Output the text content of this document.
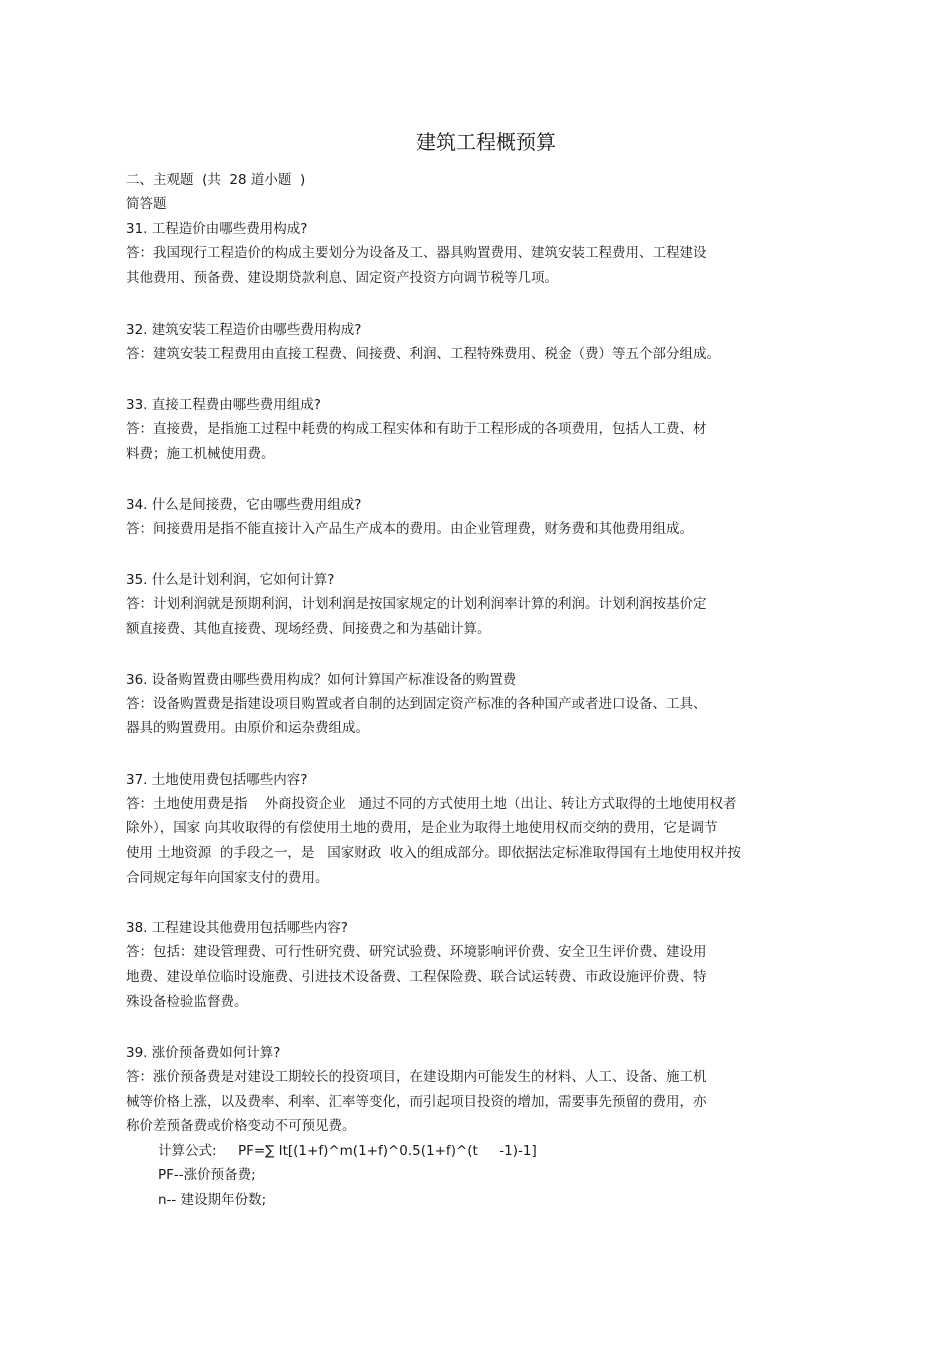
建筑工程概预算
二、主观题  (共  28 道小题  )
简答题
31. 工程造价由哪些费用构成?
答：我国现行工程造价的构成主要划分为设备及工、器具购置费用、建筑安装工程费用、工程建设
其他费用、预备费、建设期贷款利息、固定资产投资方向调节税等几项。
32. 建筑安装工程造价由哪些费用构成?
答：建筑安装工程费用由直接工程费、间接费、利润、工程特殊费用、税金（费）等五个部分组成。
33. 直接工程费由哪些费用组成?
答：直接费，是指施工过程中耗费的构成工程实体和有助于工程形成的各项费用，包括人工费、材
料费；施工机械使用费。
34. 什么是间接费，它由哪些费用组成?
答：间接费用是指不能直接计入产品生产成本的费用。由企业管理费，财务费和其他费用组成。
35. 什么是计划利润，它如何计算?
答：计划利润就是预期利润，计划利润是按国家规定的计划利润率计算的利润。计划利润按基价定
额直接费、其他直接费、现场经费、间接费之和为基础计算。
36. 设备购置费由哪些费用构成？如何计算国产标准设备的购置费
答：设备购置费是指建设项目购置或者自制的达到固定资产标准的各种国产或者进口设备、工具、
器具的购置费用。由原价和运杂费组成。
37. 土地使用费包括哪些内容?
答：土地使用费是指    外商投资企业   通过不同的方式使用土地（出让、转让方式取得的土地使用权者
除外），国家 向其收取得的有偿使用土地的费用，是企业为取得土地使用权而交纳的费用，它是调节
使用 土地资源  的手段之一，是   国家财政  收入的组成部分。即依据法定标准取得国有土地使用权并按
合同规定每年向国家支付的费用。
38. 工程建设其他费用包括哪些内容?
答：包括：建设管理费、可行性研究费、研究试验费、环境影响评价费、安全卫生评价费、建设用
地费、建设单位临时设施费、引进技术设备费、工程保险费、联合试运转费、市政设施评价费、特
殊设备检验监督费。
39. 涨价预备费如何计算?
答：涨价预备费是对建设工期较长的投资项目，在建设期内可能发生的材料、人工、设备、施工机
械等价格上涨，以及费率、利率、汇率等变化，而引起项目投资的增加，需要事先预留的费用，亦
称价差预备费或价格变动不可预见费。
计算公式:     PF=∑ It[(1+f)^m(1+f)^0.5(1+f)^(t     -1)-1]
PF--涨价预备费;
n-- 建设期年份数;
